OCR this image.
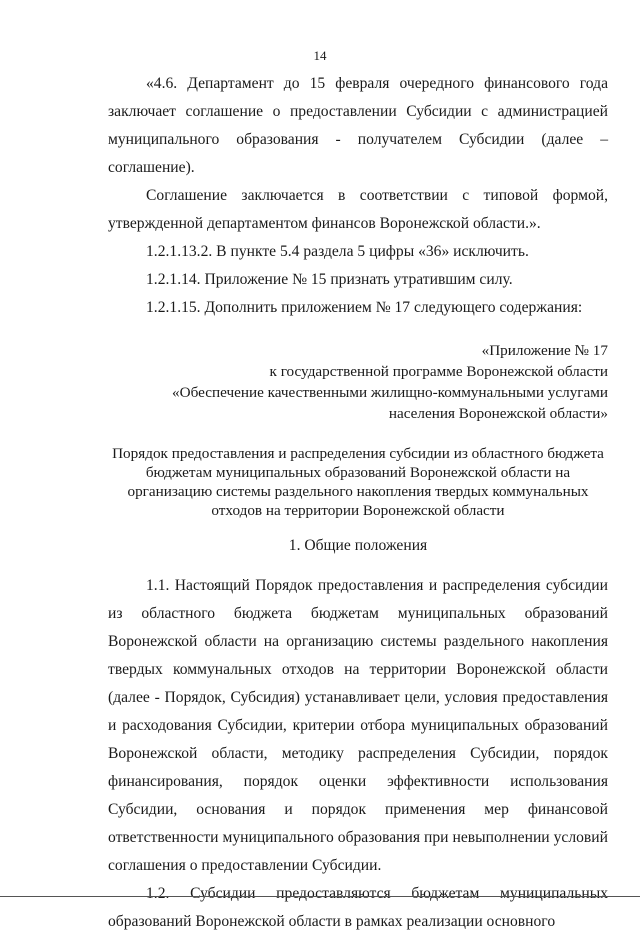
14

«4.6. Департамент до 15 февраля очередного финансового года заключает соглашение о предоставлении Субсидии с администрацией муниципального образования - получателем Субсидии (далее – соглашение).

Соглашение заключается в соответствии с типовой формой, утвержденной департаментом финансов Воронежской области.».

1.2.1.13.2. В пункте 5.4 раздела 5 цифры «36» исключить.

1.2.1.14. Приложение № 15 признать утратившим силу.

1.2.1.15. Дополнить приложением № 17 следующего содержания:

«Приложение № 17
к государственной программе Воронежской области
«Обеспечение качественными жилищно-коммунальными услугами
населения Воронежской области»
Порядок предоставления и распределения субсидии из областного бюджета
бюджетам муниципальных образований Воронежской области на
организацию системы раздельного накопления твердых коммунальных
отходов на территории Воронежской области
1. Общие положения

1.1. Настоящий Порядок предоставления и распределения субсидии из областного бюджета бюджетам муниципальных образований Воронежской области на организацию системы раздельного накопления твердых коммунальных отходов на территории Воронежской области (далее - Порядок, Субсидия) устанавливает цели, условия предоставления и расходования Субсидии, критерии отбора муниципальных образований Воронежской области, методику распределения Субсидии, порядок финансирования, порядок оценки эффективности использования Субсидии, основания и порядок применения мер финансовой ответственности муниципального образования при невыполнении условий соглашения о предоставлении Субсидии.

1.2. Субсидии предоставляются бюджетам муниципальных образований Воронежской области в рамках реализации основного
